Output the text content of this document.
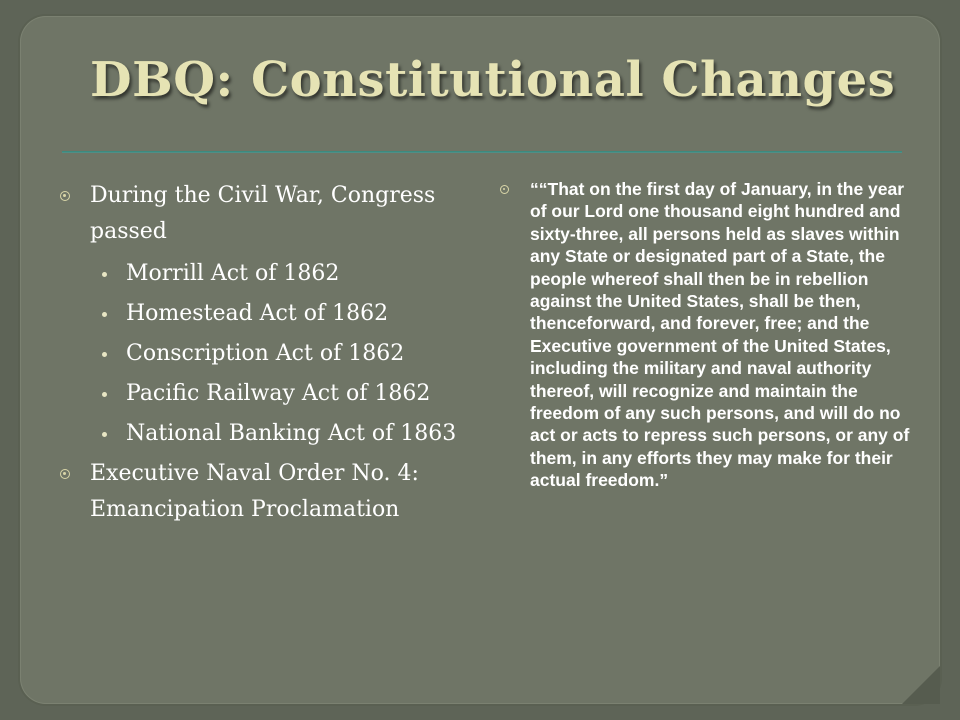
DBQ: Constitutional Changes
During the Civil War, Congress passed
Morrill Act of 1862
Homestead Act of 1862
Conscription Act of 1862
Pacific Railway Act of 1862
National Banking Act of 1863
Executive Naval Order No. 4: Emancipation Proclamation
““That on the first day of January, in the year of our Lord one thousand eight hundred and sixty-three, all persons held as slaves within any State or designated part of a State, the people whereof shall then be in rebellion against the United States, shall be then, thenceforward, and forever, free; and the Executive government of the United States, including the military and naval authority thereof, will recognize and maintain the freedom of any such persons, and will do no act or acts to repress such persons, or any of them, in any efforts they may make for their actual freedom.”
